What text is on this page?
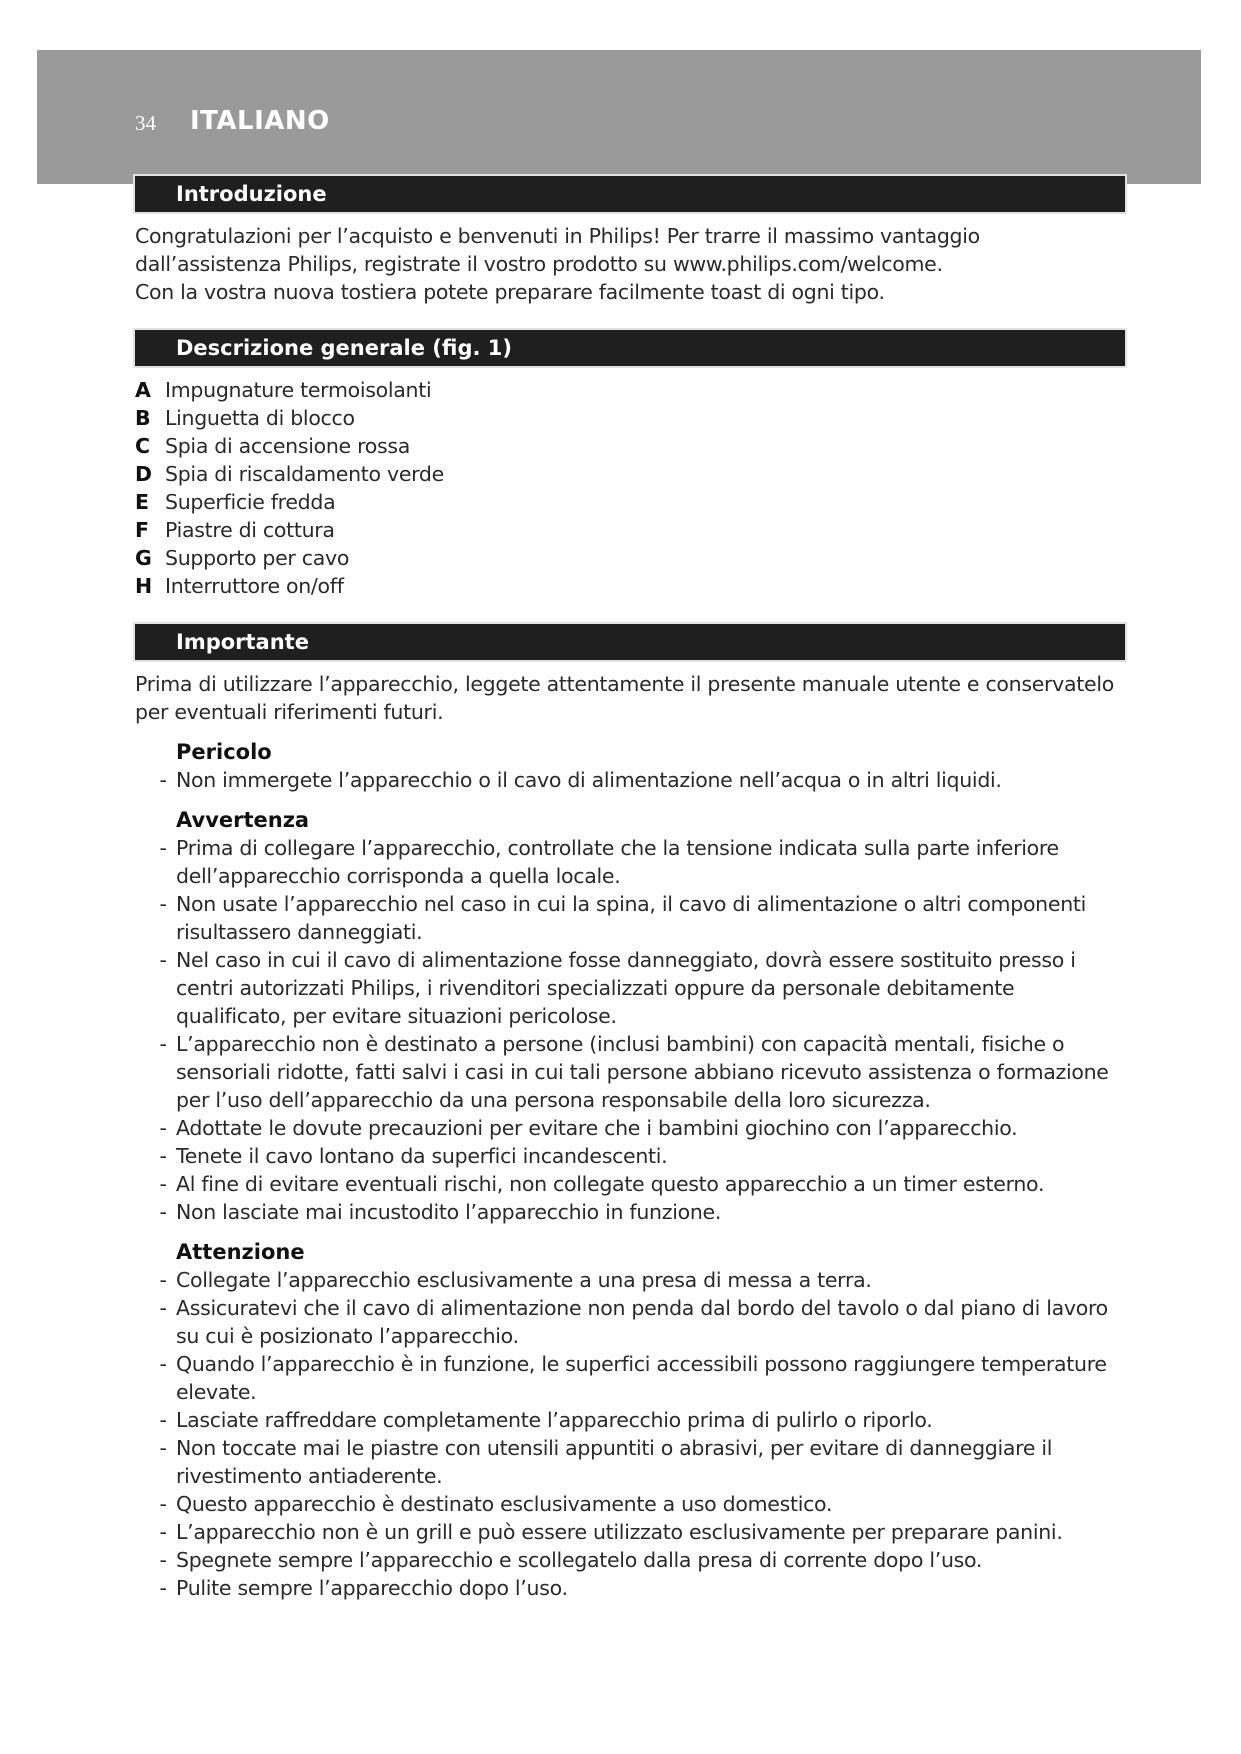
34 ITALIANO
Introduzione
Congratulazioni per l’acquisto e benvenuti in Philips! Per trarre il massimo vantaggio dall’assistenza Philips, registrate il vostro prodotto su www.philips.com/welcome.
Con la vostra nuova tostiera potete preparare facilmente toast di ogni tipo.
Descrizione generale (fig. 1)
A Impugnature termoisolanti
B Linguetta di blocco
C Spia di accensione rossa
D Spia di riscaldamento verde
E Superficie fredda
F Piastre di cottura
G Supporto per cavo
H Interruttore on/off
Importante
Prima di utilizzare l’apparecchio, leggete attentamente il presente manuale utente e conservatelo per eventuali riferimenti futuri.
Pericolo
- Non immergete l’apparecchio o il cavo di alimentazione nell’acqua o in altri liquidi.
Avvertenza
- Prima di collegare l’apparecchio, controllate che la tensione indicata sulla parte inferiore dell’apparecchio corrisponda a quella locale.
- Non usate l’apparecchio nel caso in cui la spina, il cavo di alimentazione o altri componenti risultassero danneggiati.
- Nel caso in cui il cavo di alimentazione fosse danneggiato, dovrà essere sostituito presso i centri autorizzati Philips, i rivenditori specializzati oppure da personale debitamente qualificato, per evitare situazioni pericolose.
- L’apparecchio non è destinato a persone (inclusi bambini) con capacità mentali, fisiche o sensoriali ridotte, fatti salvi i casi in cui tali persone abbiano ricevuto assistenza o formazione per l’uso dell’apparecchio da una persona responsabile della loro sicurezza.
- Adottate le dovute precauzioni per evitare che i bambini giochino con l’apparecchio.
- Tenete il cavo lontano da superfici incandescenti.
- Al fine di evitare eventuali rischi, non collegate questo apparecchio a un timer esterno.
- Non lasciate mai incustodito l’apparecchio in funzione.
Attenzione
- Collegate l’apparecchio esclusivamente a una presa di messa a terra.
- Assicuratevi che il cavo di alimentazione non penda dal bordo del tavolo o dal piano di lavoro su cui è posizionato l’apparecchio.
- Quando l’apparecchio è in funzione, le superfici accessibili possono raggiungere temperature elevate.
- Lasciate raffreddare completamente l’apparecchio prima di pulirlo o riporlo.
- Non toccate mai le piastre con utensili appuntiti o abrasivi, per evitare di danneggiare il rivestimento antiaderente.
- Questo apparecchio è destinato esclusivamente a uso domestico.
- L’apparecchio non è un grill e può essere utilizzato esclusivamente per preparare panini.
- Spegnete sempre l’apparecchio e scollegatelo dalla presa di corrente dopo l’uso.
- Pulite sempre l’apparecchio dopo l’uso.
